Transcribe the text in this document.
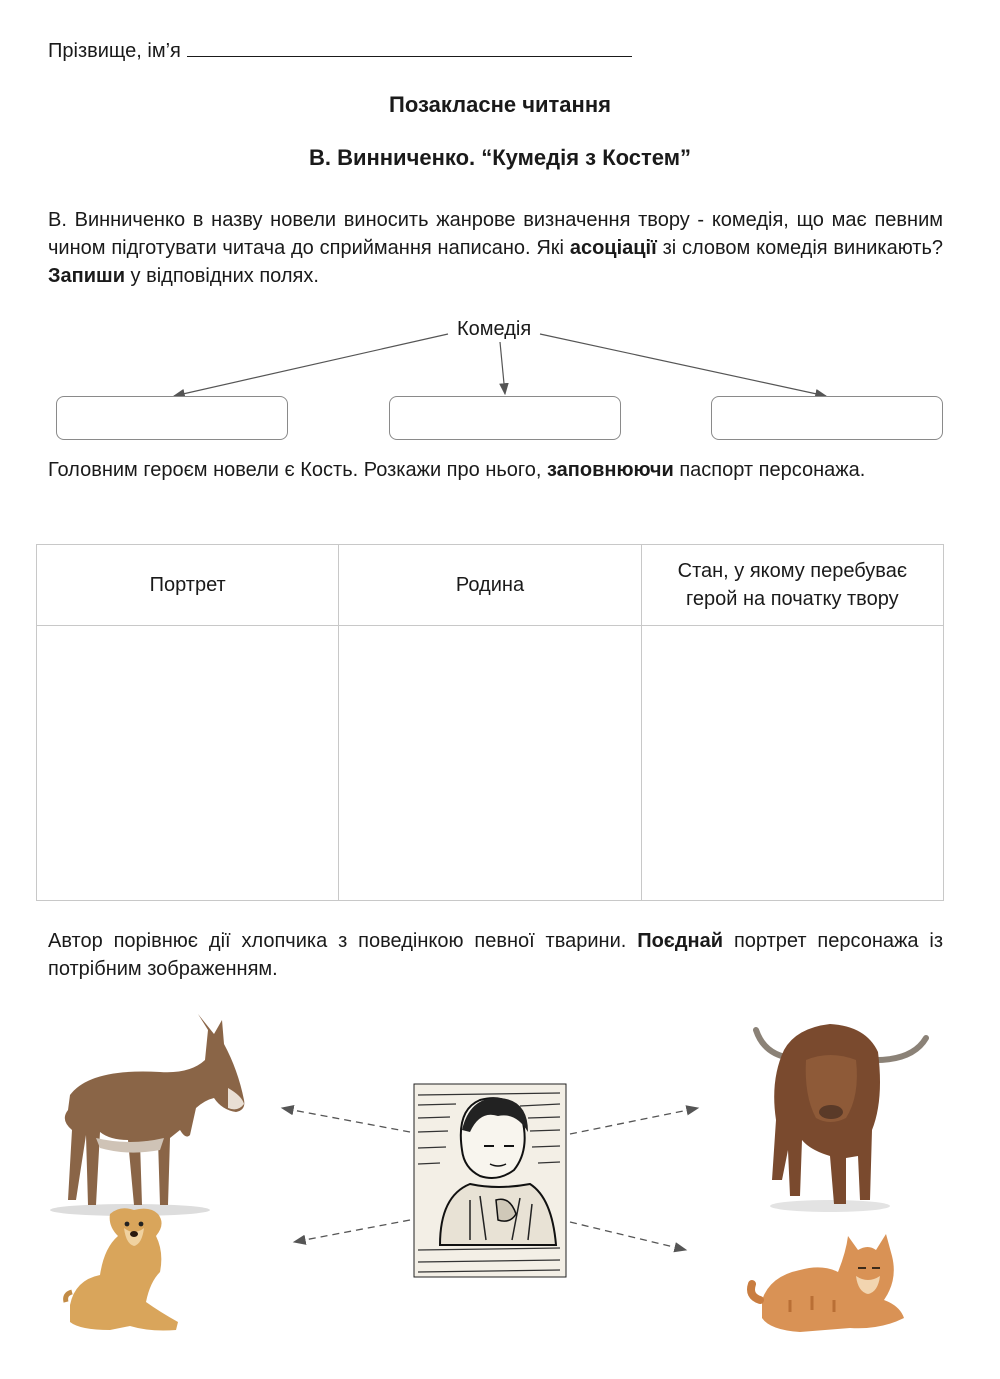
Прізвище, ім’я
Позакласне читання
В. Винниченко. “Кумедія з Костем”
В. Винниченко в назву новели виносить жанрове визначення твору - комедія, що має певним чином підготувати читача до сприймання написано. Які асоціації зі словом комедія виникають? Запиши у відповідних полях.
Комедія
Головним героєм новели є Кость. Розкажи про нього, заповнюючи паспорт персонажа.
Портрет	Родина	Стан, у якому перебуває герой на початку твору

Автор порівнює дії хлопчика з поведінкою певної тварини. Поєднай портрет персонажа із потрібним зображенням.
